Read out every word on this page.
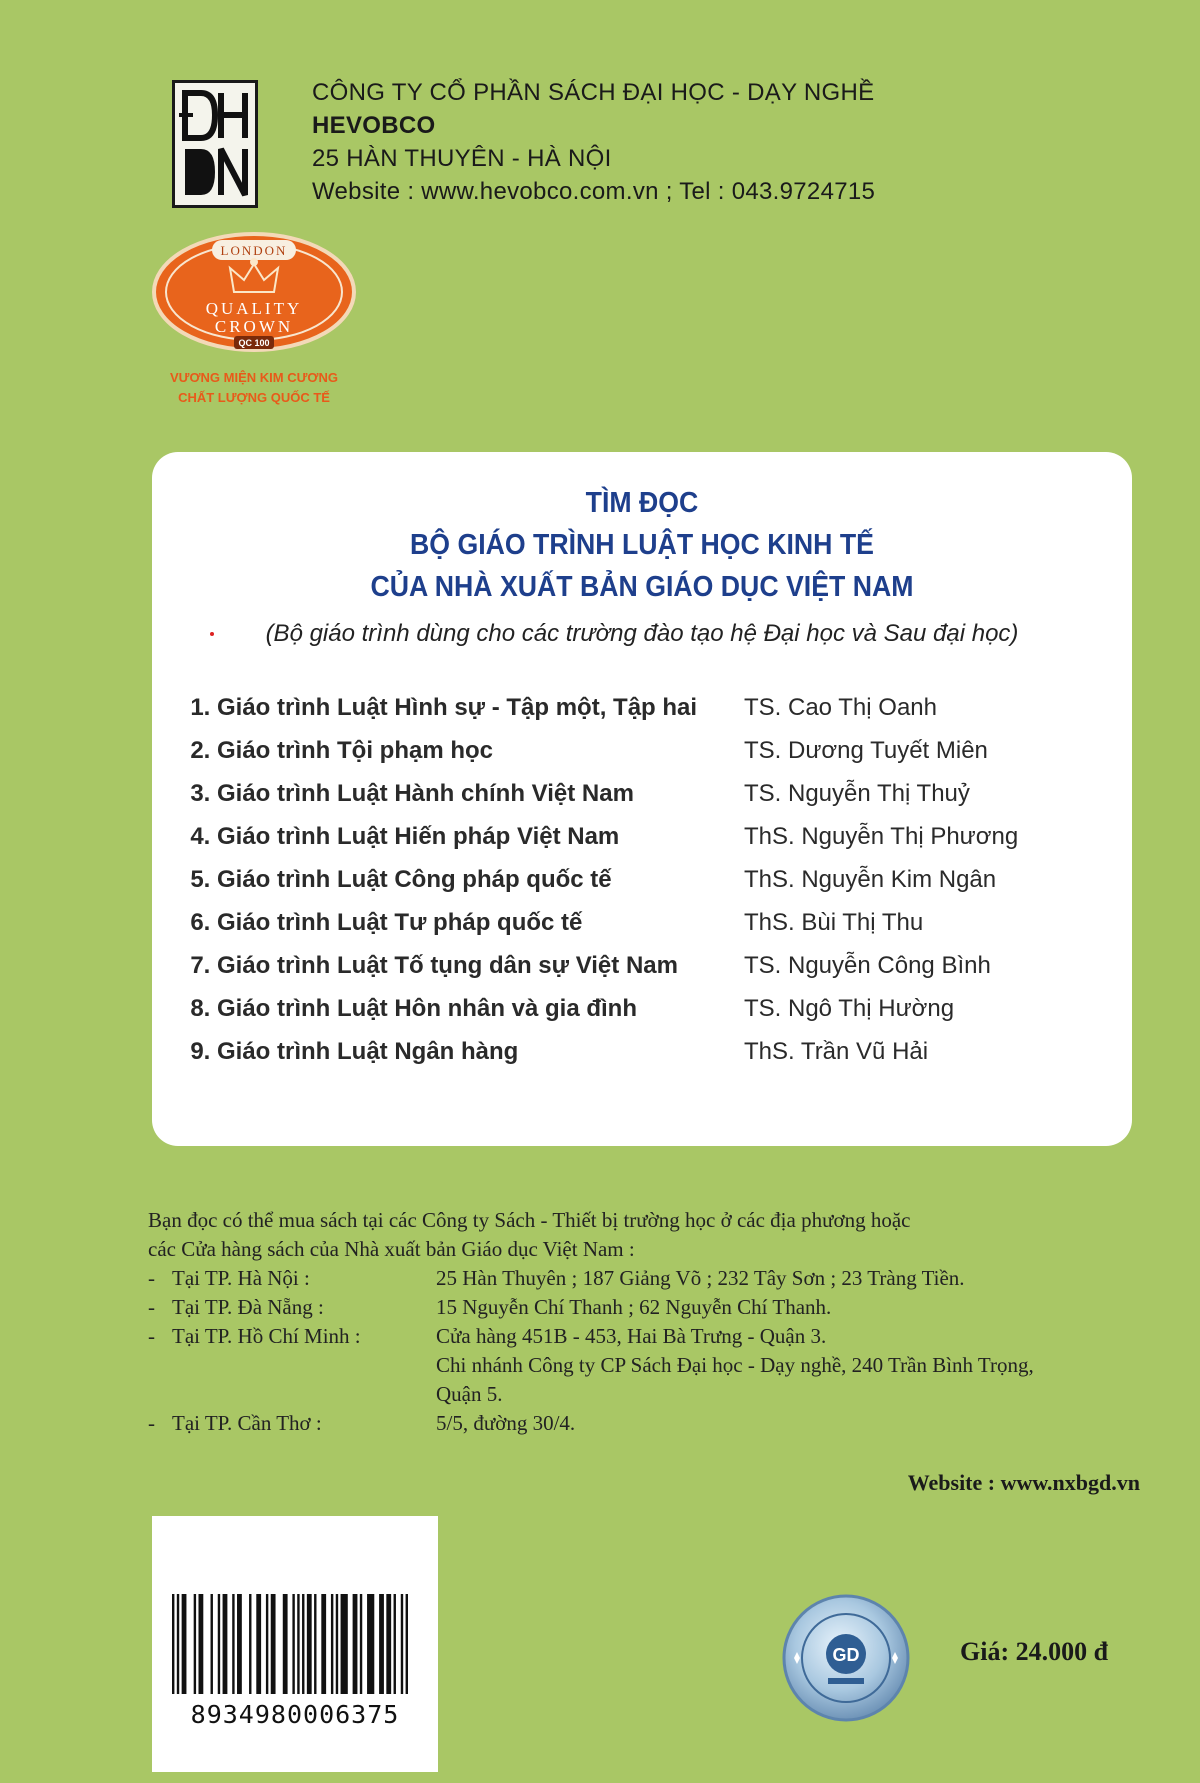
CÔNG TY CỔ PHẦN SÁCH ĐẠI HỌC - DẠY NGHỀ
HEVOBCO
25 HÀN THUYÊN - HÀ NỘI
Website : www.hevobco.com.vn ; Tel : 043.9724715
LONDON
QUALITY
CROWN
QC 100
VƯƠNG MIỆN KIM CƯƠNG
CHẤT LƯỢNG QUỐC TẾ
TÌM ĐỌC
BỘ GIÁO TRÌNH LUẬT HỌC KINH TẾ
CỦA NHÀ XUẤT BẢN GIÁO DỤC VIỆT NAM
(Bộ giáo trình dùng cho các trường đào tạo hệ Đại học và Sau đại học)
1. Giáo trình Luật Hình sự - Tập một, Tập hai TS. Cao Thị Oanh
2. Giáo trình Tội phạm học	TS. Dương Tuyết Miên
3. Giáo trình Luật Hành chính Việt Nam	TS. Nguyễn Thị Thuỷ
4. Giáo trình Luật Hiến pháp Việt Nam	ThS. Nguyễn Thị Phương
5. Giáo trình Luật Công pháp quốc tế	ThS. Nguyễn Kim Ngân
6. Giáo trình Luật Tư pháp quốc tế	ThS. Bùi Thị Thu
7. Giáo trình Luật Tố tụng dân sự Việt Nam	TS. Nguyễn Công Bình
8. Giáo trình Luật Hôn nhân và gia đình	TS. Ngô Thị Hường
9. Giáo trình Luật Ngân hàng	ThS. Trần Vũ Hải
Bạn đọc có thể mua sách tại các Công ty Sách - Thiết bị trường học ở các địa phương hoặc
các Cửa hàng sách của Nhà xuất bản Giáo dục Việt Nam :
- Tại TP. Hà Nội :	25 Hàn Thuyên ; 187 Giảng Võ ; 232 Tây Sơn ; 23 Tràng Tiền.
- Tại TP. Đà Nẵng :	15 Nguyễn Chí Thanh ; 62 Nguyễn Chí Thanh.
- Tại TP. Hồ Chí Minh :	Cửa hàng 451B - 453, Hai Bà Trưng - Quận 3.
Chi nhánh Công ty CP Sách Đại học - Dạy nghề, 240 Trần Bình Trọng,
Quận 5.
- Tại TP. Cần Thơ :	5/5, đường 30/4.
Website : www.nxbgd.vn
8934980006375
GD	Giá: 24.000 đ
